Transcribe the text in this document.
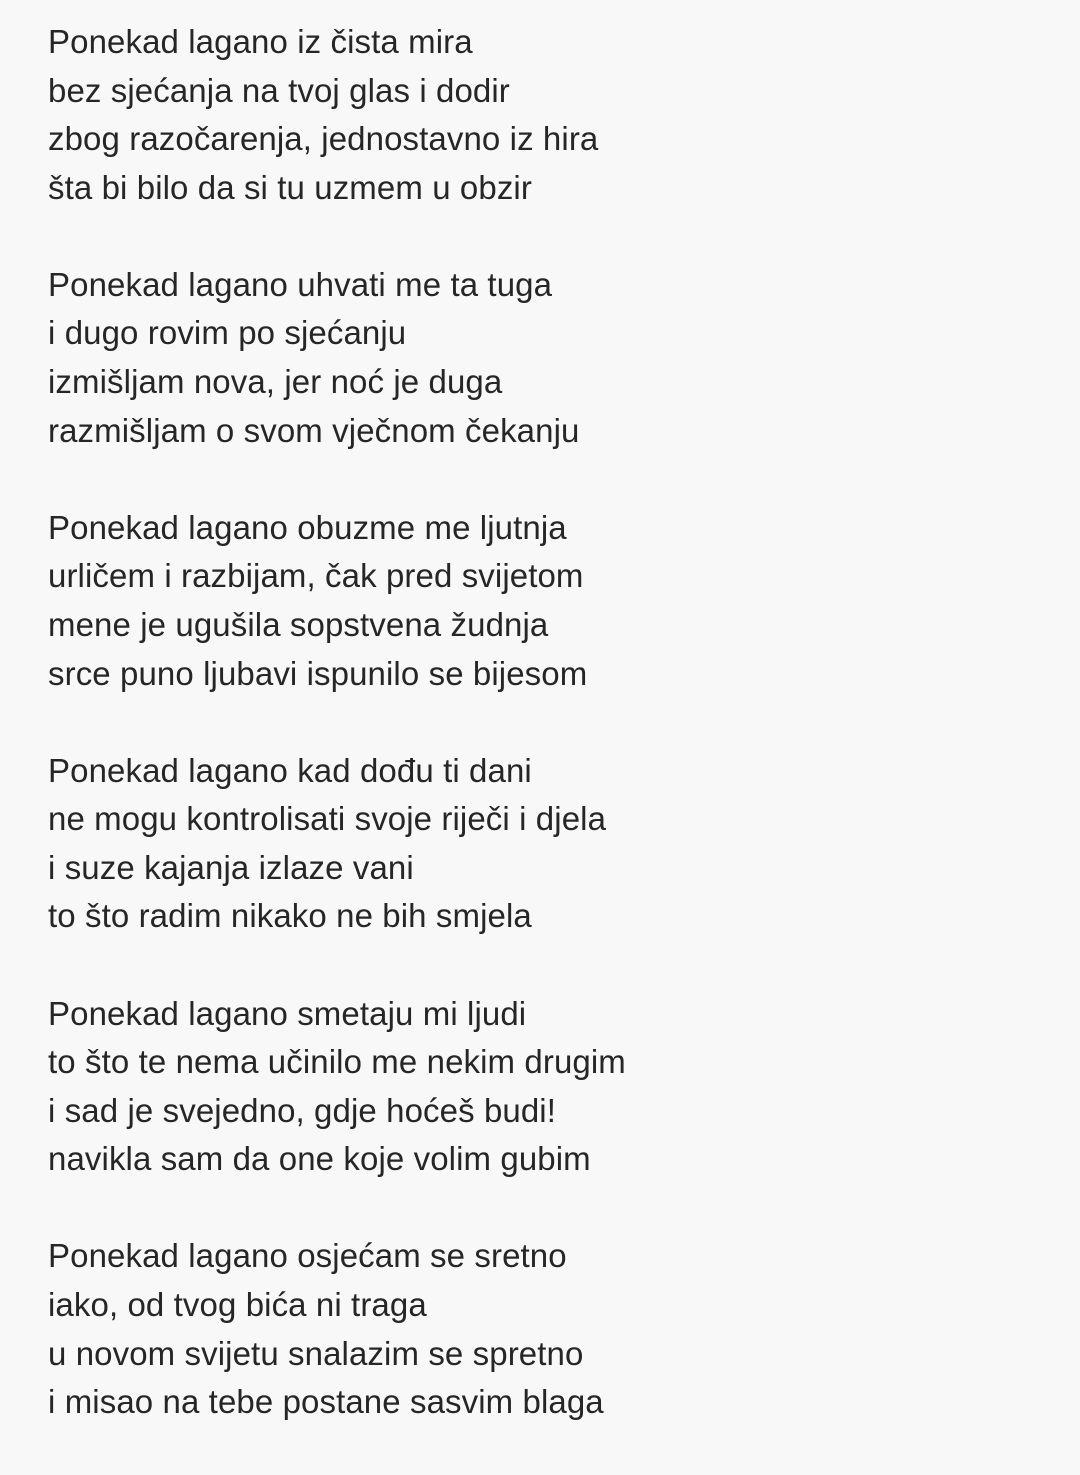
Ponekad lagano iz čista mira
bez sjećanja na tvoj glas i dodir
zbog razočarenja, jednostavno iz hira
šta bi bilo da si tu uzmem u obzir
Ponekad lagano uhvati me ta tuga
i dugo rovim po sjećanju
izmišljam nova, jer noć je duga
razmišljam o svom vječnom čekanju
Ponekad lagano obuzme me ljutnja
urličem i razbijam, čak pred svijetom
mene je ugušila sopstvena žudnja
srce puno ljubavi ispunilo se bijesom
Ponekad lagano kad dođu ti dani
ne mogu kontrolisati svoje riječi i djela
i suze kajanja izlaze vani
to što radim nikako ne bih smjela
Ponekad lagano smetaju mi ljudi
to što te nema učinilo me nekim drugim
i sad je svejedno, gdje hoćeš budi!
navikla sam da one koje volim gubim
Ponekad lagano osjećam se sretno
iako, od tvog bića ni traga
u novom svijetu snalazim se spretno
i misao na tebe postane sasvim blaga
